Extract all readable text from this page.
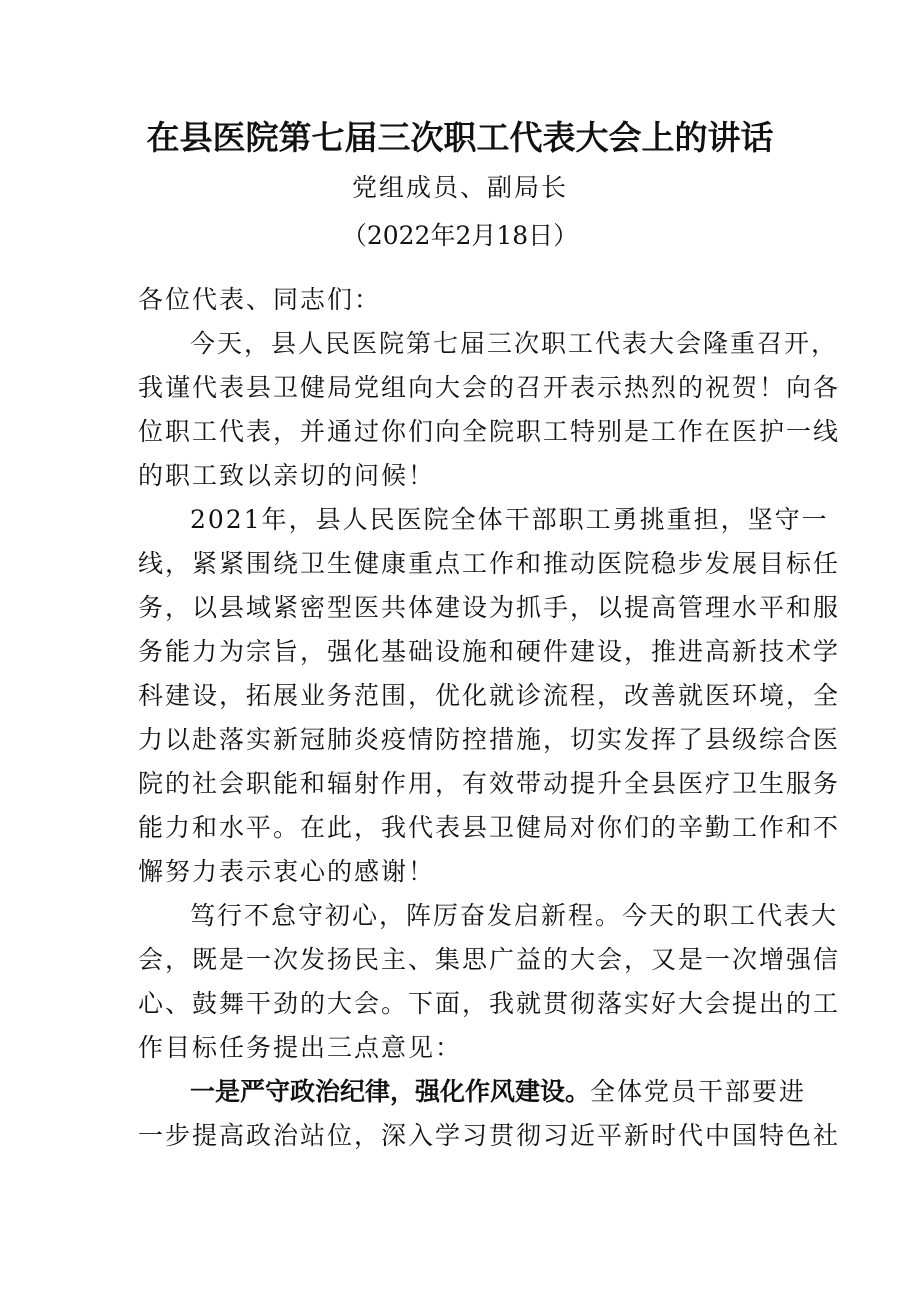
在县医院第七届三次职工代表大会上的讲话
党组成员、副局长
（2022年2月18日）
各位代表、同志们：
今天，县人民医院第七届三次职工代表大会隆重召开，
我谨代表县卫健局党组向大会的召开表示热烈的祝贺！向各
位职工代表，并通过你们向全院职工特别是工作在医护一线
的职工致以亲切的问候！
2021年，县人民医院全体干部职工勇挑重担，坚守一
线，紧紧围绕卫生健康重点工作和推动医院稳步发展目标任
务，以县域紧密型医共体建设为抓手，以提高管理水平和服
务能力为宗旨，强化基础设施和硬件建设，推进高新技术学
科建设，拓展业务范围，优化就诊流程，改善就医环境，全
力以赴落实新冠肺炎疫情防控措施，切实发挥了县级综合医
院的社会职能和辐射作用，有效带动提升全县医疗卫生服务
能力和水平。在此，我代表县卫健局对你们的辛勤工作和不
懈努力表示衷心的感谢！
笃行不怠守初心，阵厉奋发启新程。今天的职工代表大
会，既是一次发扬民主、集思广益的大会，又是一次增强信
心、鼓舞干劲的大会。下面，我就贯彻落实好大会提出的工
作目标任务提出三点意见：
一是严守政治纪律，强化作风建设。全体党员干部要进
一步提高政治站位，深入学习贯彻习近平新时代中国特色社
